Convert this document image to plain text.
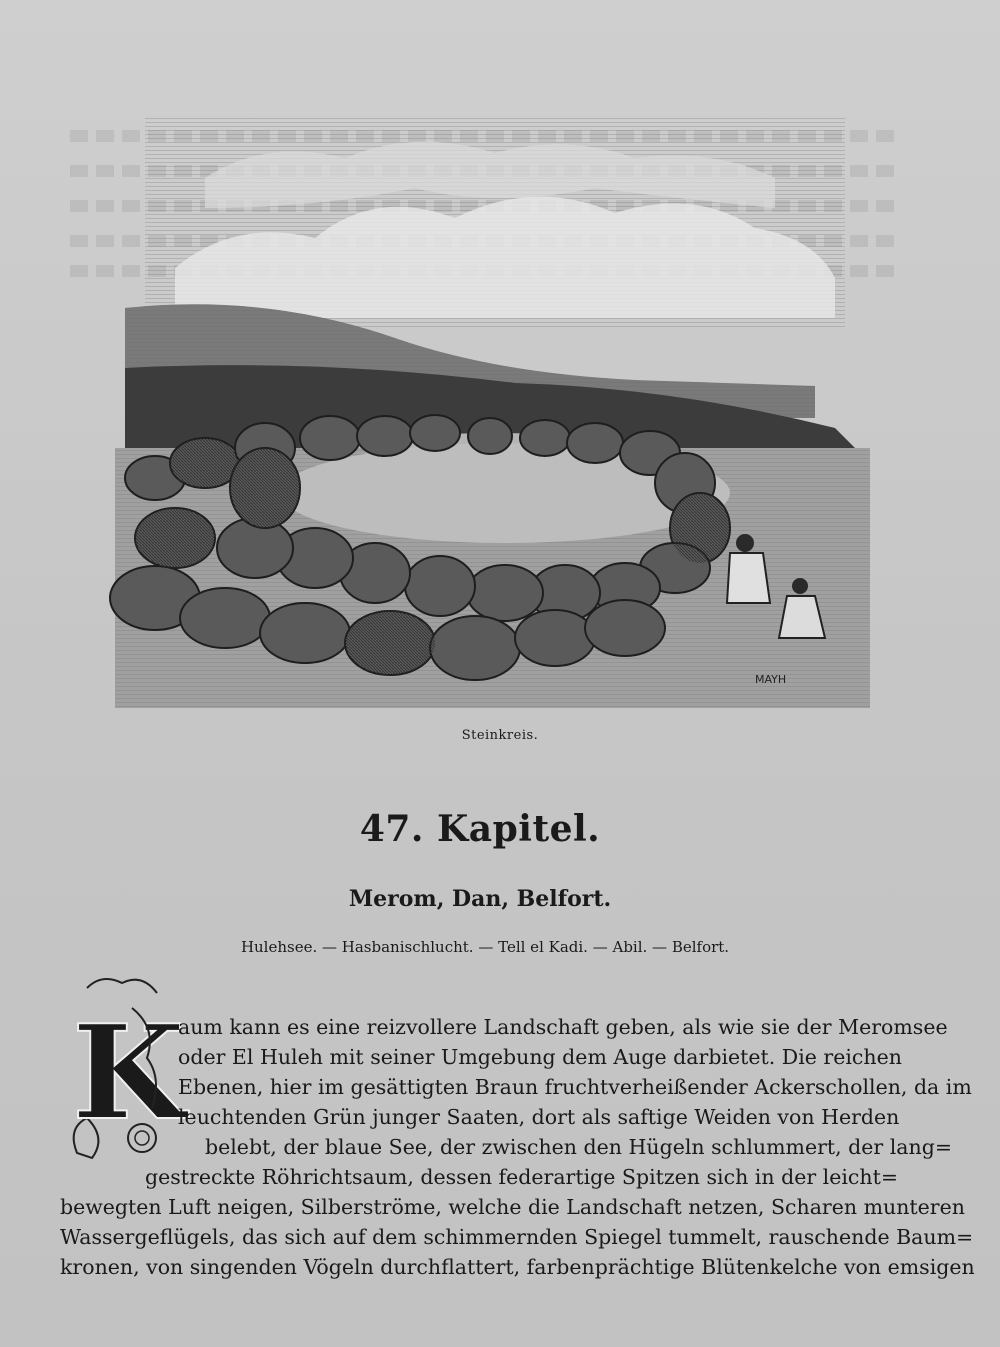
MAYH
Steinkreis.
47. Kapitel.
Merom, Dan, Belfort.
Hulehsee. — Hasbanischlucht. — Tell el Kadi. — Abil. — Belfort.
K
aum kann es eine reizvollere Landschaft geben, als wie sie der Meromsee
oder El Huleh mit seiner Umgebung dem Auge darbietet. Die reichen
Ebenen, hier im gesättigten Braun fruchtverheißender Ackerschollen, da im
leuchtenden Grün junger Saaten, dort als saftige Weiden von Herden
belebt, der blaue See, der zwischen den Hügeln schlummert, der lang=
gestreckte Röhrichtsaum, dessen federartige Spitzen sich in der leicht=
bewegten Luft neigen, Silberströme, welche die Landschaft netzen, Scharen munteren
Wassergeflügels, das sich auf dem schimmernden Spiegel tummelt, rauschende Baum=
kronen, von singenden Vögeln durchflattert, farbenprächtige Blütenkelche von emsigen
